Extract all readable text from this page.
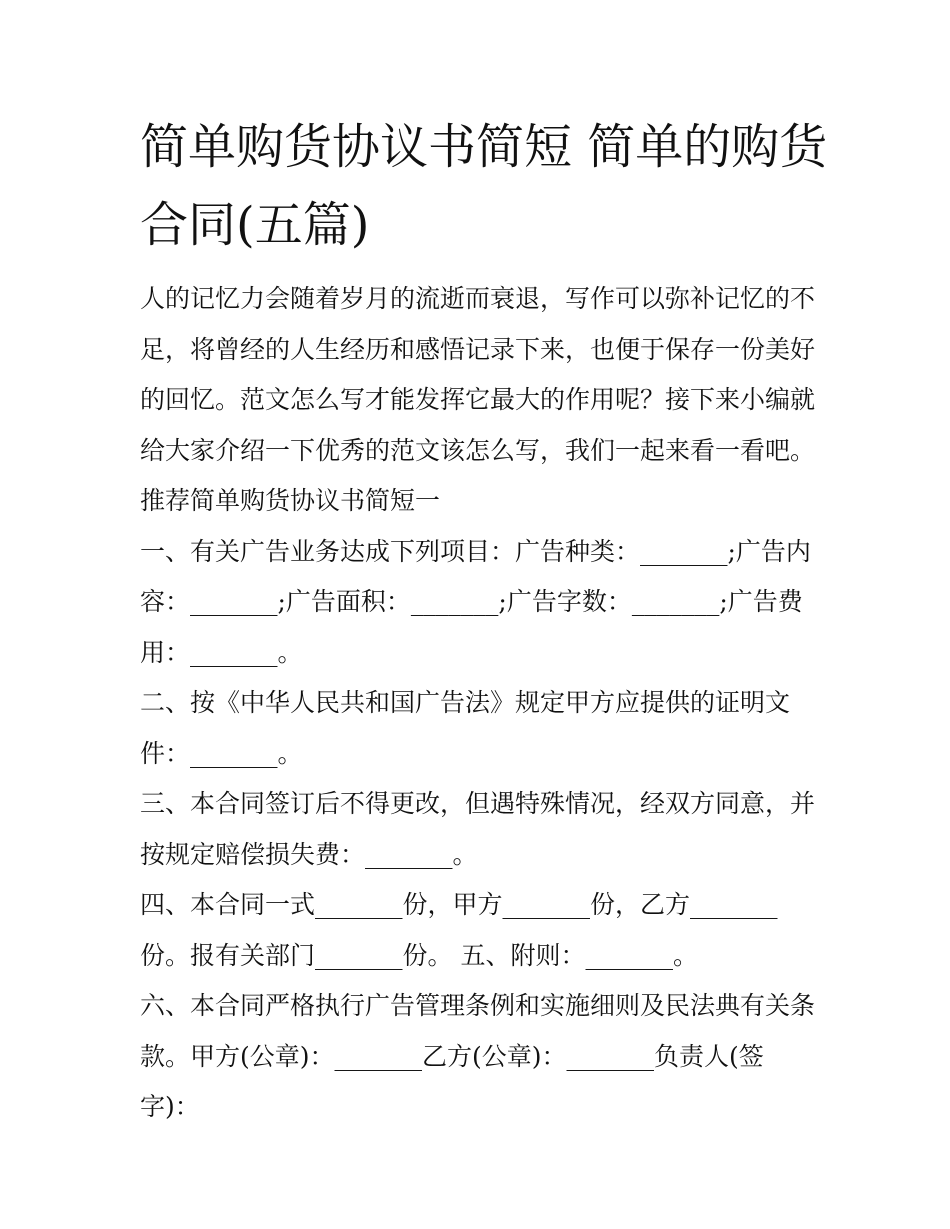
简单购货协议书简短 简单的购货合同(五篇)

人的记忆力会随着岁月的流逝而衰退，写作可以弥补记忆的不足，将曾经的人生经历和感悟记录下来，也便于保存一份美好的回忆。范文怎么写才能发挥它最大的作用呢？接下来小编就给大家介绍一下优秀的范文该怎么写，我们一起来看一看吧。

推荐简单购货协议书简短一

一、有关广告业务达成下列项目：广告种类：_______;广告内容：_______;广告面积：_______;广告字数：_______;广告费用：_______。

二、按《中华人民共和国广告法》规定甲方应提供的证明文件：_______。

三、本合同签订后不得更改，但遇特殊情况，经双方同意，并按规定赔偿损失费：_______。

四、本合同一式_______份，甲方_______份，乙方_______份。报有关部门_______份。 五、附则：_______。

六、本合同严格执行广告管理条例和实施细则及民法典有关条款。甲方(公章)：_______乙方(公章)：_______负责人(签字)：
